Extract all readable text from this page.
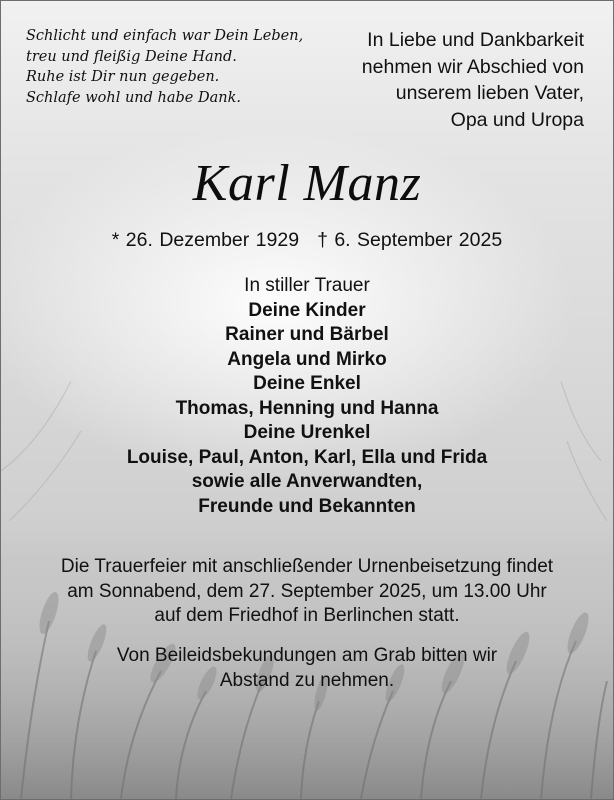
Schlicht und einfach war Dein Leben,
treu und fleißig Deine Hand.
Ruhe ist Dir nun gegeben.
Schlafe wohl und habe Dank.
In Liebe und Dankbarkeit
nehmen wir Abschied von
unserem lieben Vater,
Opa und Uropa
Karl Manz
* 26. Dezember 1929 † 6. September 2025
In stiller Trauer
Deine Kinder
Rainer und Bärbel
Angela und Mirko
Deine Enkel
Thomas, Henning und Hanna
Deine Urenkel
Louise, Paul, Anton, Karl, Ella und Frida
sowie alle Anverwandten,
Freunde und Bekannten
Die Trauerfeier mit anschließender Urnenbeisetzung findet
am Sonnabend, dem 27. September 2025, um 13.00 Uhr
auf dem Friedhof in Berlinchen statt.
Von Beileidsbekundungen am Grab bitten wir
Abstand zu nehmen.
